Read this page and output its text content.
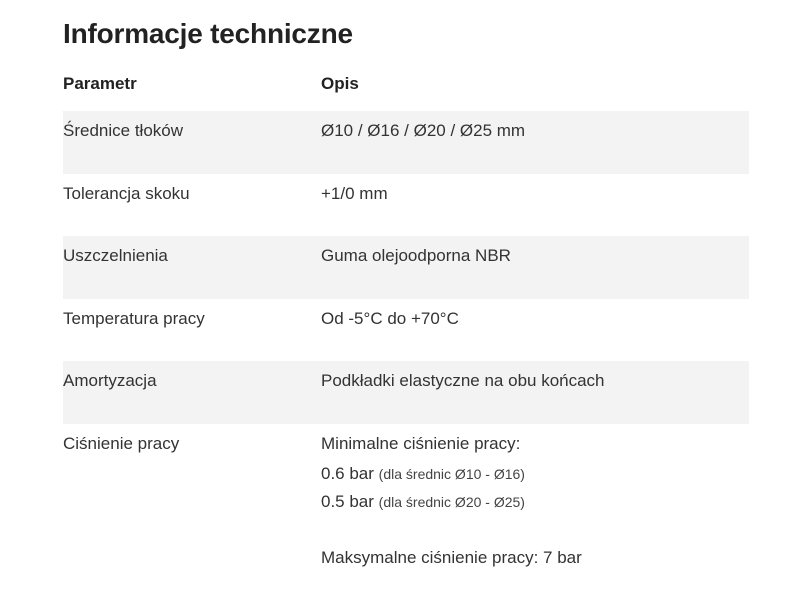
Informacje techniczne
Parametr	Opis
Średnice tłoków	Ø10 / Ø16 / Ø20 / Ø25 mm
Tolerancja skoku	+1/0 mm
Uszczelnienia	Guma olejoodporna NBR
Temperatura pracy	Od -5°C do +70°C
Amortyzacja	Podkładki elastyczne na obu końcach
Ciśnienie pracy	Minimalne ciśnienie pracy:
0.6 bar (dla średnic Ø10 - Ø16)
0.5 bar (dla średnic Ø20 - Ø25)
Maksymalne ciśnienie pracy: 7 bar
